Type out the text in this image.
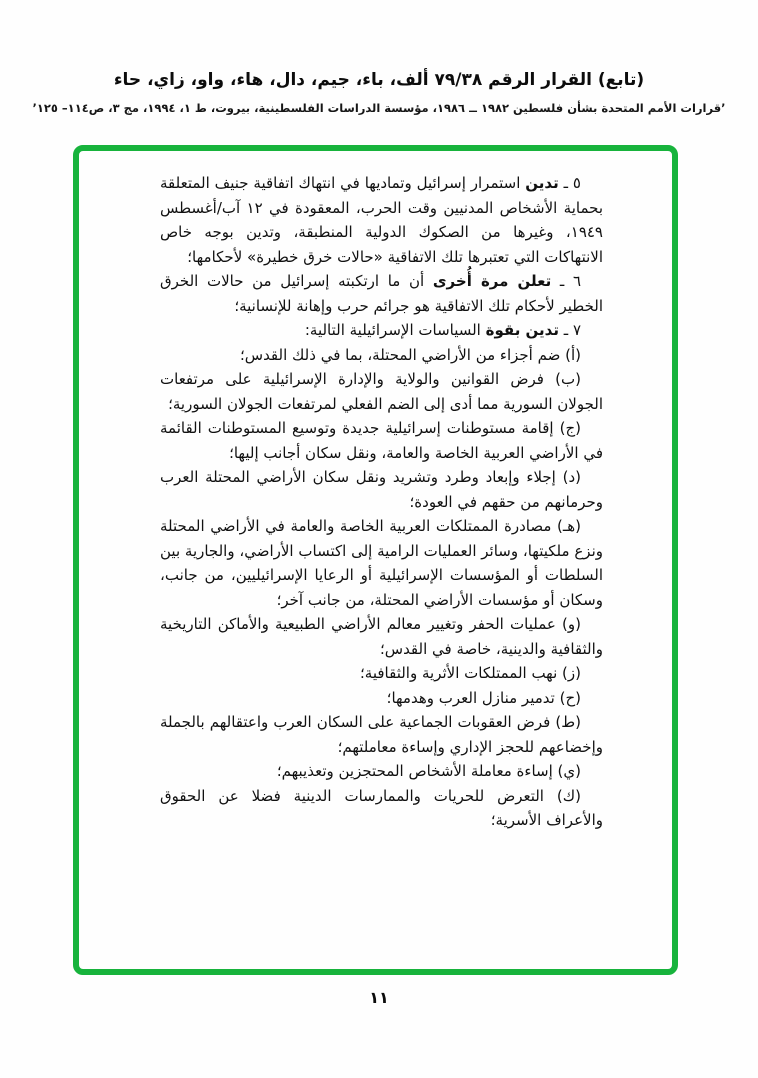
(تابع) القرار الرقم ٧٩/٣٨ ألف، باء، جيم، دال، هاء، واو، زاي، حاء
’قرارات الأمم المتحدة بشأن فلسطين ١٩٨٢ ــ ١٩٨٦، مؤسسة الدراسات الفلسطينية، بيروت، ط ١، ١٩٩٤، مج ٣، ص١١٤– ١٢٥’

٥ ـ تدين استمرار إسرائيل وتماديها في انتهاك اتفاقية جنيف المتعلقة بحماية الأشخاص المدنيين وقت الحرب، المعقودة في ١٢ آب/أغسطس ١٩٤٩، وغيرها من الصكوك الدولية المنطبقة، وتدين بوجه خاص الانتهاكات التي تعتبرها تلك الاتفاقية «حالات خرق خطيرة» لأحكامها؛

٦ ـ تعلن مرة أُخرى أن ما ارتكبته إسرائيل من حالات الخرق الخطير لأحكام تلك الاتفاقية هو جرائم حرب وإهانة للإنسانية؛

٧ ـ تدين بقوة السياسات الإسرائيلية التالية:

(أ) ضم أجزاء من الأراضي المحتلة، بما في ذلك القدس؛

(ب) فرض القوانين والولاية والإدارة الإسرائيلية على مرتفعات الجولان السورية مما أدى إلى الضم الفعلي لمرتفعات الجولان السورية؛

(ج) إقامة مستوطنات إسرائيلية جديدة وتوسيع المستوطنات القائمة في الأراضي العربية الخاصة والعامة، ونقل سكان أجانب إليها؛

(د) إجلاء وإبعاد وطرد وتشريد ونقل سكان الأراضي المحتلة العرب وحرمانهم من حقهم في العودة؛

(هـ) مصادرة الممتلكات العربية الخاصة والعامة في الأراضي المحتلة ونزع ملكيتها، وسائر العمليات الرامية إلى اكتساب الأراضي، والجارية بين السلطات أو المؤسسات الإسرائيلية أو الرعايا الإسرائيليين، من جانب، وسكان أو مؤسسات الأراضي المحتلة، من جانب آخر؛

(و) عمليات الحفر وتغيير معالم الأراضي الطبيعية والأماكن التاريخية والثقافية والدينية، خاصة في القدس؛

(ز) نهب الممتلكات الأثرية والثقافية؛

(ح) تدمير منازل العرب وهدمها؛

(ط) فرض العقوبات الجماعية على السكان العرب واعتقالهم بالجملة وإخضاعهم للحجز الإداري وإساءة معاملتهم؛

(ي) إساءة معاملة الأشخاص المحتجزين وتعذيبهم؛

(ك) التعرض للحريات والممارسات الدينية فضلا عن الحقوق والأعراف الأسرية؛

١١
